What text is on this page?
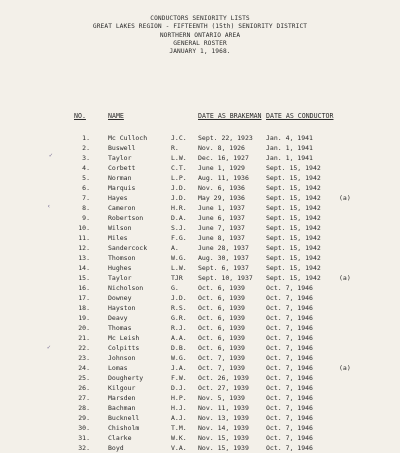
CONDUCTORS SENIORITY LISTS
GREAT LAKES REGION - FIFTEENTH (15th) SENIORITY DISTRICT
NORTHERN ONTARIO AREA
GENERAL ROSTER
JANUARY 1, 1968.
NO.	NAME	DATE AS BRAKEMAN DATE AS CONDUCTOR
✓
‹
✓
1.	Mc Culloch	J.C. Sept. 22, 1923 Jan. 4, 1941
2.	Buswell	R.	Nov. 8, 1926	Jan. 1, 1941
3.	Taylor	L.W. Dec. 16, 1927	Jan. 1, 1941
4.	Corbett	C.T. June 1, 1929	Sept. 15, 1942
5.	Norman	L.P. Aug. 11, 1936	Sept. 15, 1942
6.	Marquis	J.D. Nov. 6, 1936	Sept. 15, 1942
7.	Hayes	J.D. May 29, 1936	Sept. 15, 1942	(a)
8.	Cameron	H.R. June 1, 1937	Sept. 15, 1942
9.	Robertson	D.A. June 6, 1937	Sept. 15, 1942
10.	Wilson	S.J. June 7, 1937	Sept. 15, 1942
11.	Miles	F.G. June 8, 1937	Sept. 15, 1942
12.	Sandercock	A.	June 28, 1937	Sept. 15, 1942
13.	Thomson	W.G. Aug. 30, 1937	Sept. 15, 1942
14.	Hughes	L.W. Sept. 6, 1937	Sept. 15, 1942
15.	Taylor	TJR Sept. 10, 1937 Sept. 15, 1942	(a)
16.	Nicholson	G.	Oct. 6, 1939	Oct. 7, 1946
17.	Downey	J.D. Oct. 6, 1939	Oct. 7, 1946
18.	Hayston	R.S. Oct. 6, 1939	Oct. 7, 1946
19.	Deavy	G.R. Oct. 6, 1939	Oct. 7, 1946
20.	Thomas	R.J. Oct. 6, 1939	Oct. 7, 1946
21.	Mc Leish	A.A. Oct. 6, 1939	Oct. 7, 1946
22.	Colpitts	D.B. Oct. 6, 1939	Oct. 7, 1946
23.	Johnson	W.G. Oct. 7, 1939	Oct. 7, 1946
24.	Lomas	J.A. Oct. 7, 1939	Oct. 7, 1946	(a)
25.	Dougherty	F.W. Oct. 26, 1939	Oct. 7, 1946
26.	Kilgour	D.J. Oct. 27, 1939	Oct. 7, 1946
27.	Marsden	H.P. Nov. 5, 1939	Oct. 7, 1946
28.	Bachman	H.J. Nov. 11, 1939	Oct. 7, 1946
29.	Bucknell	A.J. Nov. 13, 1939	Oct. 7, 1946
30.	Chisholm	T.M. Nov. 14, 1939	Oct. 7, 1946
31.	Clarke	W.K. Nov. 15, 1939	Oct. 7, 1946
32.	Boyd	V.A. Nov. 15, 1939	Oct. 7, 1946
